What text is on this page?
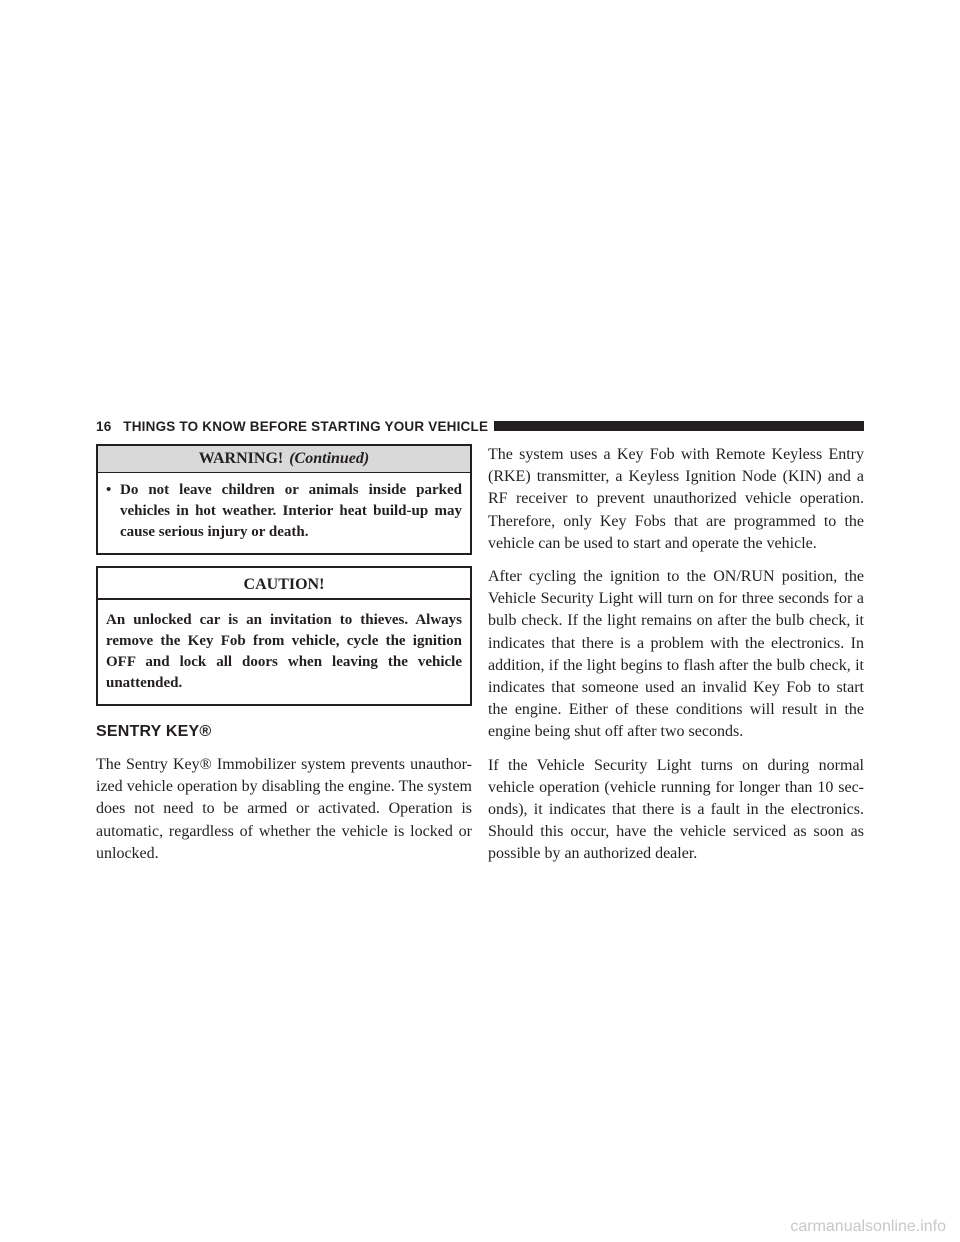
16 THINGS TO KNOW BEFORE STARTING YOUR VEHICLE
WARNING! (Continued)
• Do not leave children or animals inside parked vehicles in hot weather. Interior heat build-up may cause serious injury or death.
CAUTION!
An unlocked car is an invitation to thieves. Always remove the Key Fob from vehicle, cycle the ignition OFF and lock all doors when leaving the vehicle unattended.
SENTRY KEY®

The Sentry Key® Immobilizer system prevents unauthor-ized vehicle operation by disabling the engine. The system does not need to be armed or activated. Operation is automatic, regardless of whether the vehicle is locked or unlocked.

The system uses a Key Fob with Remote Keyless Entry (RKE) transmitter, a Keyless Ignition Node (KIN) and a RF receiver to prevent unauthorized vehicle operation. Therefore, only Key Fobs that are programmed to the vehicle can be used to start and operate the vehicle.

After cycling the ignition to the ON/RUN position, the Vehicle Security Light will turn on for three seconds for a bulb check. If the light remains on after the bulb check, it indicates that there is a problem with the electronics. In addition, if the light begins to flash after the bulb check, it indicates that someone used an invalid Key Fob to start the engine. Either of these conditions will result in the engine being shut off after two seconds.

If the Vehicle Security Light turns on during normal vehicle operation (vehicle running for longer than 10 sec-onds), it indicates that there is a fault in the electronics. Should this occur, have the vehicle serviced as soon as possible by an authorized dealer.

carmanualsonline.info
